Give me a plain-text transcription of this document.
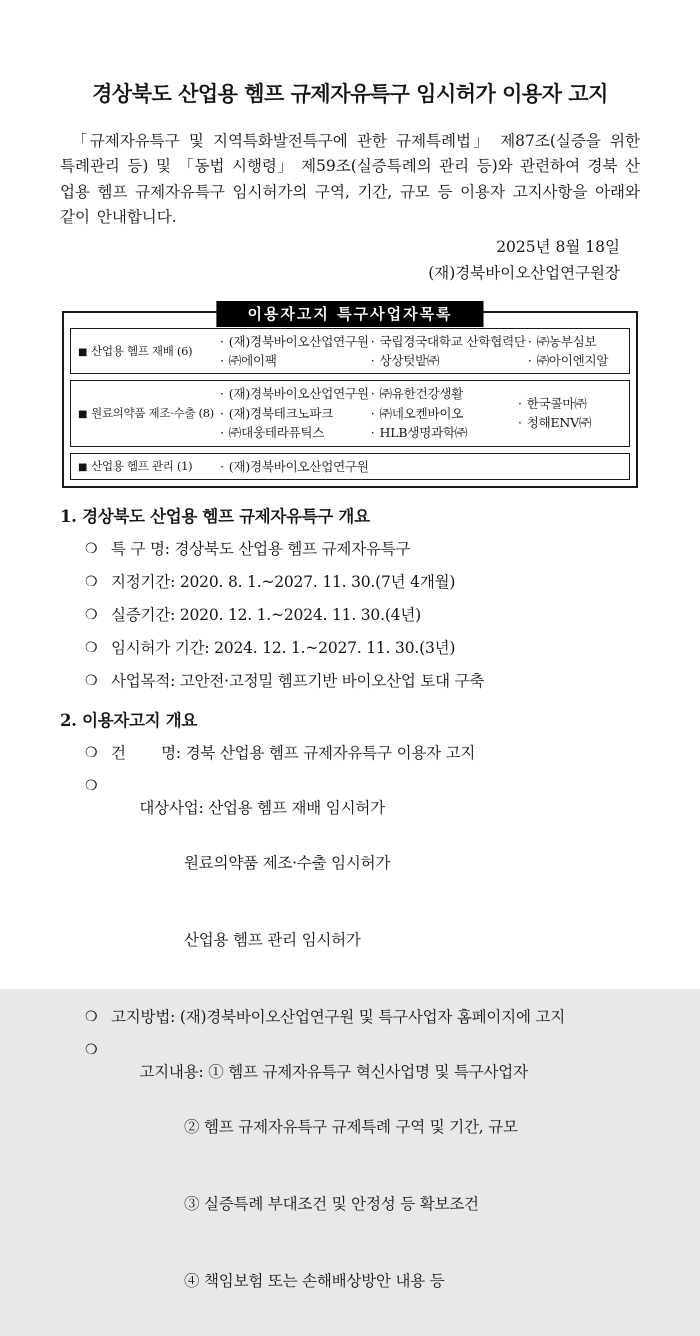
경상북도 산업용 헴프 규제자유특구 임시허가 이용자 고지

「규제자유특구 및 지역특화발전특구에 관한 규제특례법」 제87조(실증을 위한 특례관리 등) 및 「동법 시행령」 제59조(실증특례의 관리 등)와 관련하여 경북 산업용 헴프 규제자유특구 임시허가의 구역, 기간, 규모 등 이용자 고지사항을 아래와 같이 안내합니다.

2025년 8월 18일
(재)경북바이오산업연구원장
이용자고지 특구사업자목록
■ 산업용 헴프 재배 (6)
· (재)경북바이오산업연구원
· ㈜에이팩
· 국립경국대학교 산학협력단
· 상상텃밭㈜
· ㈜농부심보
· ㈜아이엔지알
■ 원료의약품 제조·수출 (8)
· (재)경북바이오산업연구원
· (재)경북테크노파크
· ㈜대웅테라퓨틱스
· ㈜유한건강생활
· ㈜네오켄바이오
· HLB생명과학㈜
· 한국콜마㈜
· 청해ENV㈜
■ 산업용 헴프 관리 (1)	· (재)경북바이오산업연구원
1. 경상북도 산업용 헴프 규제자유특구 개요
❍ 특 구 명: 경상북도 산업용 헴프 규제자유특구
❍ 지정기간: 2020. 8. 1.~2027. 11. 30.(7년 4개월)
❍ 실증기간: 2020. 12. 1.~2024. 11. 30.(4년)
❍ 임시허가 기간: 2024. 12. 1.~2027. 11. 30.(3년)
❍ 사업목적: 고안전·고정밀 헴프기반 바이오산업 토대 구축
2. 이용자고지 개요
❍ 건　　 명: 경북 산업용 헴프 규제자유특구 이용자 고지
❍

대상사업: 산업용 헴프 재배 임시허가

원료의약품 제조·수출 임시허가

산업용 헴프 관리 임시허가

❍ 고지방법: (재)경북바이오산업연구원 및 특구사업자 홈페이지에 고지
❍

고지내용: ① 헴프 규제자유특구 혁신사업명 및 특구사업자

② 헴프 규제자유특구 규제특례 구역 및 기간, 규모

③ 실증특례 부대조건 및 안정성 등 확보조건

④ 책임보험 또는 손해배상방안 내용 등
